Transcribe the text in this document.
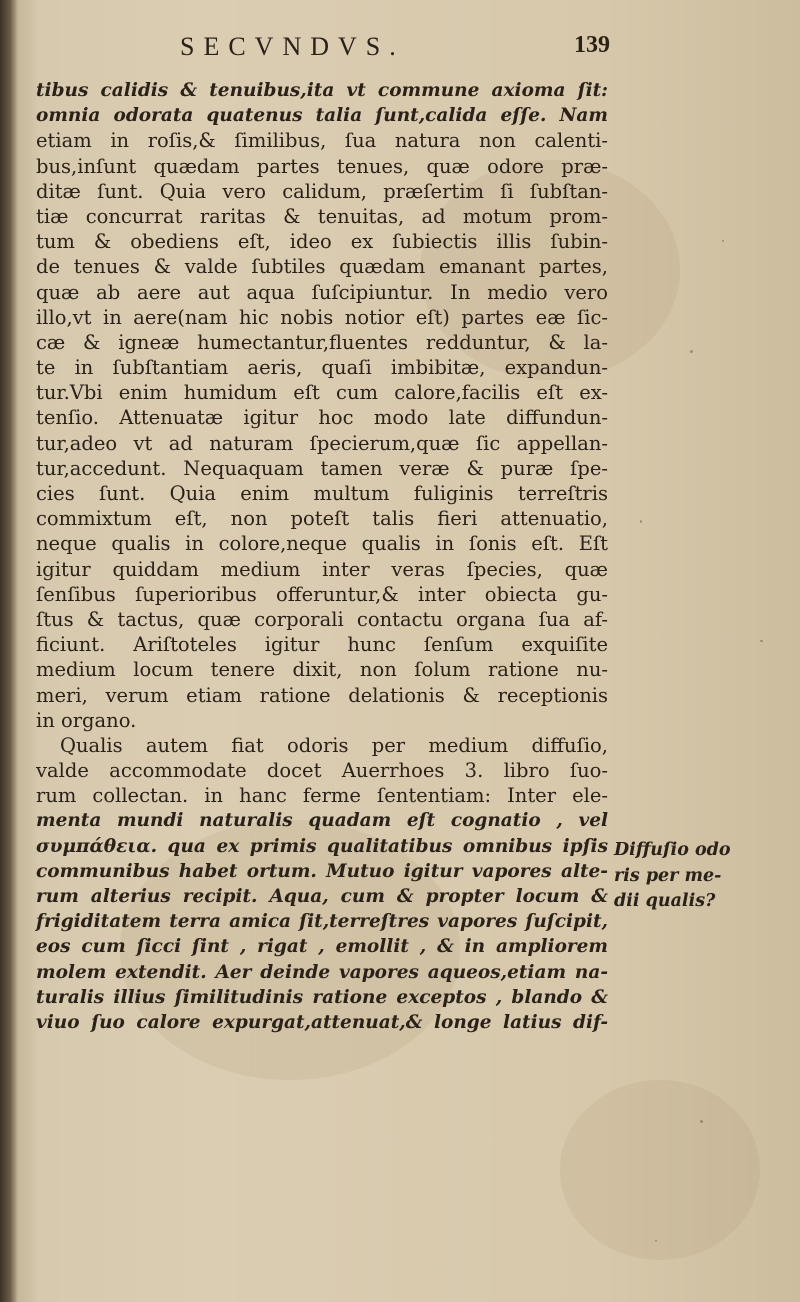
SECVNDVS.	139
tibus calidis & tenuibus,ita vt commune axioma ſit:
omnia odorata quatenus talia ſunt,calida eſſe. Nam
etiam in roſis,& ſimilibus, ſua natura non calenti-
bus,inſunt quædam partes tenues, quæ odore præ-
ditæ ſunt. Quia vero calidum, præſertim ſi ſubſtan-
tiæ concurrat raritas & tenuitas, ad motum prom-
tum & obediens eſt, ideo ex ſubiectis illis ſubin-
de tenues & valde ſubtiles quædam emanant partes,
quæ ab aere aut aqua ſuſcipiuntur. In medio vero
illo,vt in aere(nam hic nobis notior eſt) partes eæ ſic-
cæ & igneæ humectantur,fluentes redduntur, & la-
te in ſubſtantiam aeris, quaſi imbibitæ, expandun-
tur.Vbi enim humidum eſt cum calore,facilis eſt ex-
tenſio. Attenuatæ igitur hoc modo late diffundun-
tur,adeo vt ad naturam ſpecierum,quæ ſic appellan-
tur,accedunt. Nequaquam tamen veræ & puræ ſpe-
cies ſunt. Quia enim multum fuliginis terreſtris
commixtum eſt, non poteſt talis fieri attenuatio,
neque qualis in colore,neque qualis in ſonis eſt. Eſt
igitur quiddam medium inter veras ſpecies, quæ
ſenſibus ſuperioribus offeruntur,& inter obiecta gu-
ſtus & tactus, quæ corporali contactu organa ſua af-
ficiunt. Ariſtoteles igitur hunc ſenſum exquiſite
medium locum tenere dixit, non ſolum ratione nu-
meri, verum etiam ratione delationis & receptionis
in organo.
Qualis autem fiat odoris per medium diffuſio,
valde accommodate docet Auerrhoes 3. libro ſuo-
rum collectan. in hanc ferme ſententiam: Inter ele-
menta mundi naturalis quadam eſt cognatio , vel
συμπάθεια. qua ex primis qualitatibus omnibus ipſis
communibus habet ortum. Mutuo igitur vapores alte-
rum alterius recipit. Aqua, cum & propter locum &
frigiditatem terra amica ſit,terreſtres vapores ſuſcipit,
eos cum ſicci ſint , rigat , emollit , & in ampliorem
molem extendit. Aer deinde vapores aqueos,etiam na-
turalis illius ſimilitudinis ratione exceptos , blando &
viuo ſuo calore expurgat,attenuat,& longe latius dif-
Diffuſio odo
ris per me-
dii qualis?
